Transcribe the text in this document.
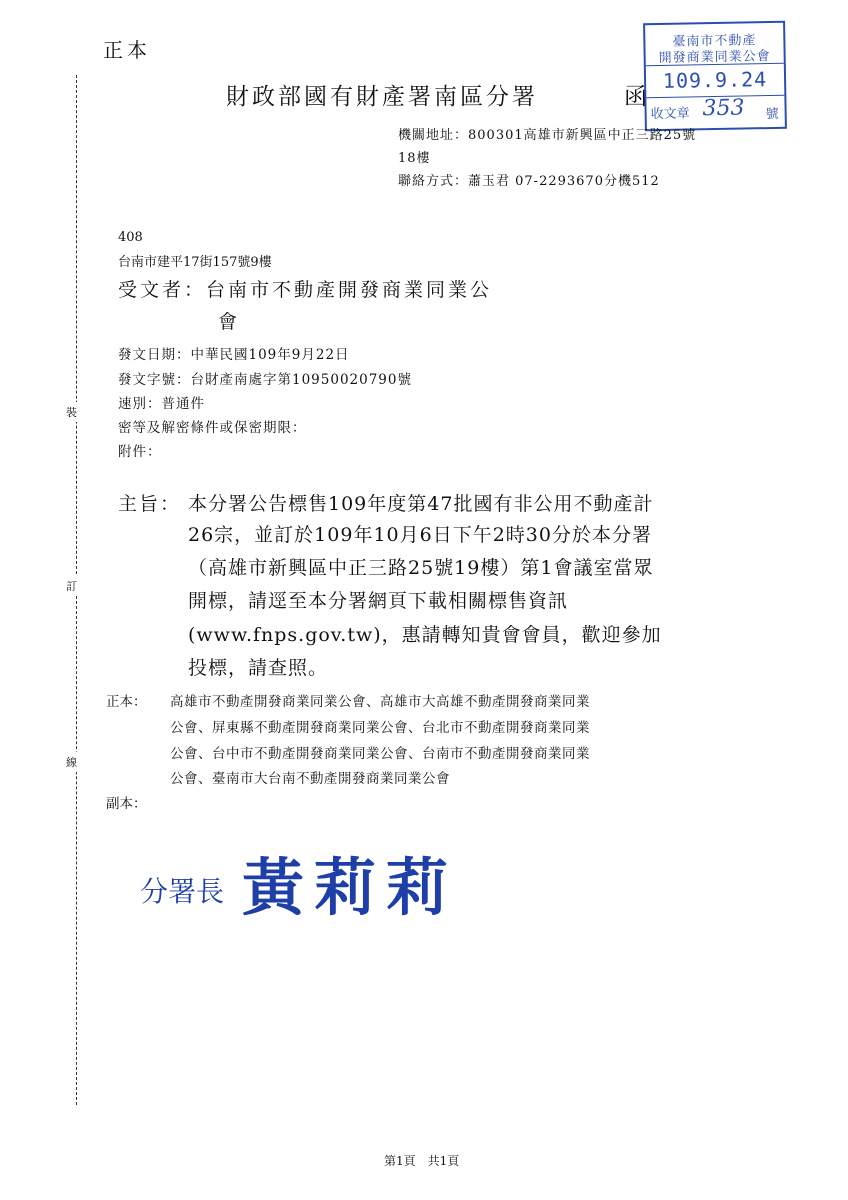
正本
財政部國有財產署南區分署	函
臺南市不動產
開發商業同業公會
109.9.24
收文章 353 號
機關地址：800301高雄市新興區中正三路25號
18樓
聯絡方式：蕭玉君 07-2293670分機512
裝
訂
線
408
台南市建平17街157號9樓
受文者：台南市不動產開發商業同業公
會
發文日期：中華民國109年9月22日
發文字號：台財產南處字第10950020790號
速別：普通件
密等及解密條件或保密期限：
附件：
主旨： 本分署公告標售109年度第47批國有非公用不動產計
26宗，並訂於109年10月6日下午2時30分於本分署
（高雄市新興區中正三路25號19樓）第1會議室當眾
開標，請逕至本分署網頁下載相關標售資訊
(www.fnps.gov.tw)，惠請轉知貴會會員，歡迎參加
投標，請查照。
正本： 高雄市不動產開發商業同業公會、高雄市大高雄不動產開發商業同業
公會、屏東縣不動產開發商業同業公會、台北市不動產開發商業同業
公會、台中市不動產開發商業同業公會、台南市不動產開發商業同業
公會、臺南市大台南不動產開發商業同業公會
副本：
分署長 黃莉莉
第1頁　共1頁
